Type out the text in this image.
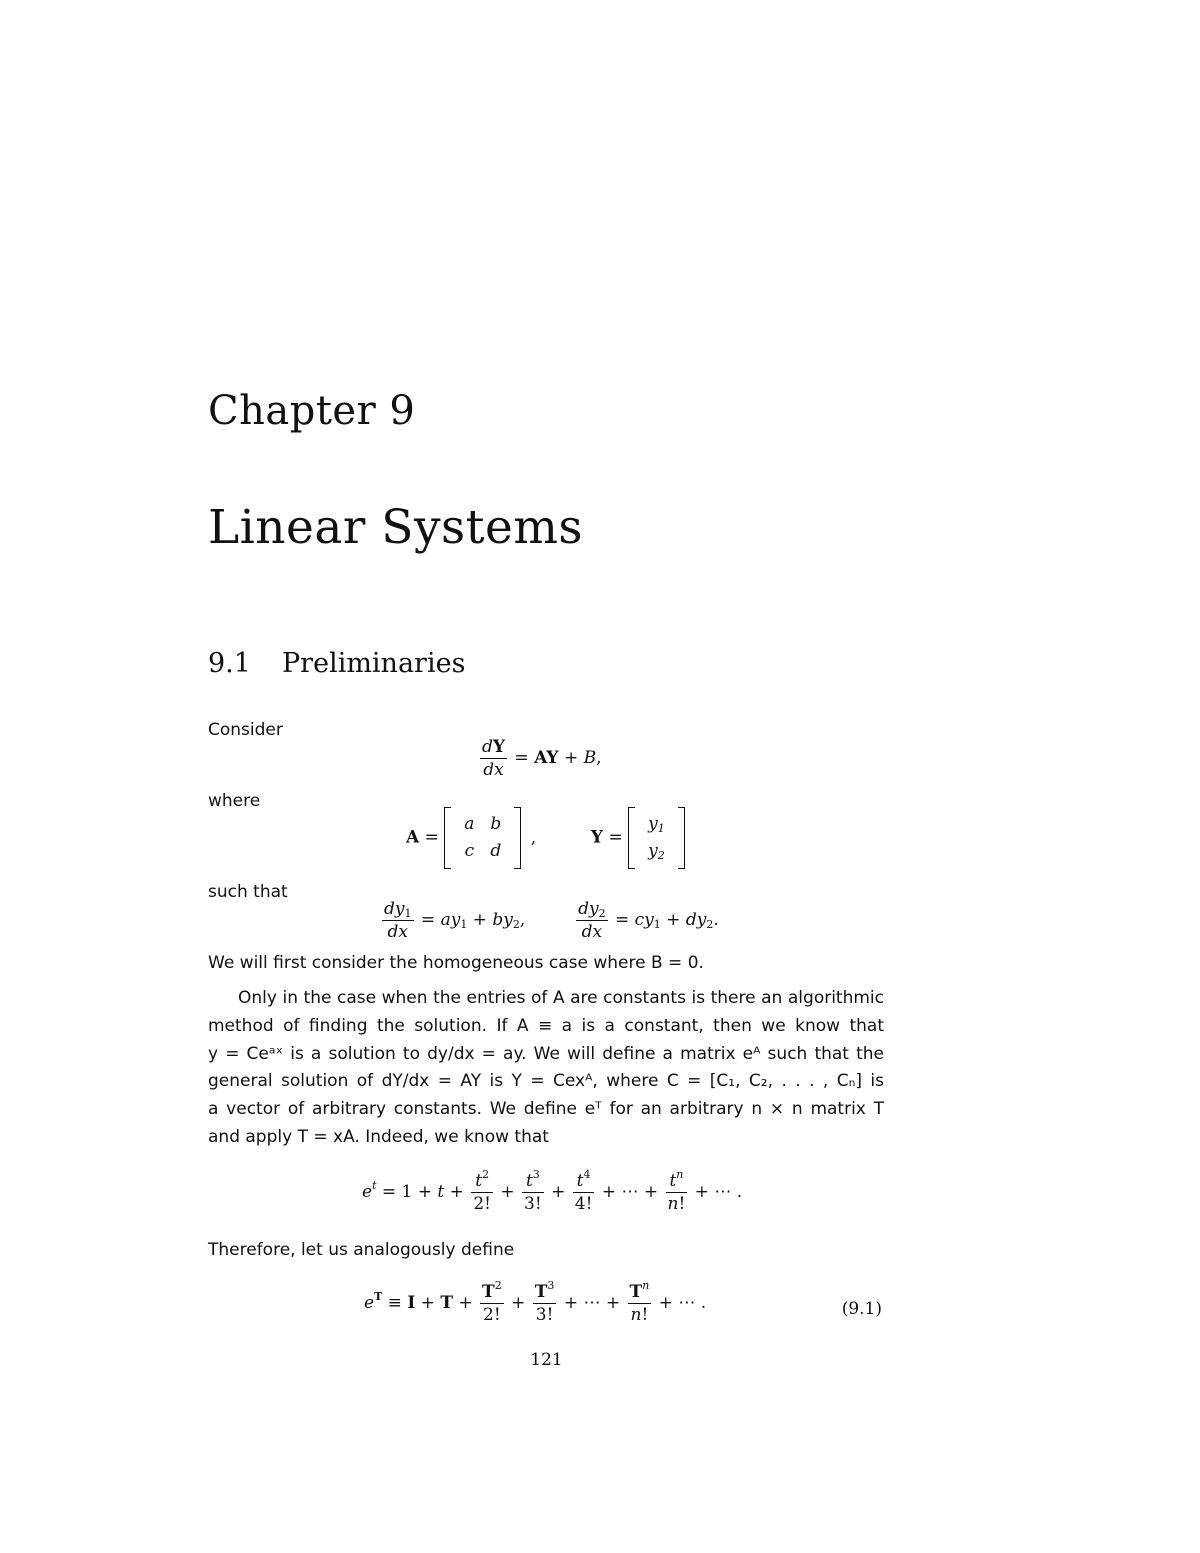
Chapter 9
Linear Systems
9.1 Preliminaries
Consider
$\frac{dY}{dx}$ = AY + B,
where
A =
a	b
c	d
,	Y =
$y_1$
$y_2$
such that
$\frac{dy_1}{dx} = ay_1 + by_2$,	$\frac{dy_2}{dx} = cy_1 + dy_2$.
We will first consider the homogeneous case where B = 0.
Only in the case when the entries of A are constants is there an algorithmic
method of finding the solution. If A ≡ a is a constant, then we know that
y = Ceᵃˣ is a solution to dy/dx = ay. We will define a matrix eᴬ such that the
general solution of dY/dx = AY is Y = Cexᴬ, where C = [C₁, C₂, . . . , Cₙ] is
a vector of arbitrary constants. We define eᵀ for an arbitrary n × n matrix T
and apply T = xA. Indeed, we know that
$e^t = 1 + t + \frac{t^2}{2!} + \frac{t^3}{3!} + \frac{t^4}{4!}$ + ⋯ + $\frac{t^n}{n!}$ + ⋯ .
Therefore, let us analogously define
$e^T \equiv I + T + \frac{T^2}{2!} + \frac{T^3}{3!}$ + ⋯ + $\frac{T^n}{n!}$ + ⋯ .	(9.1)
121
